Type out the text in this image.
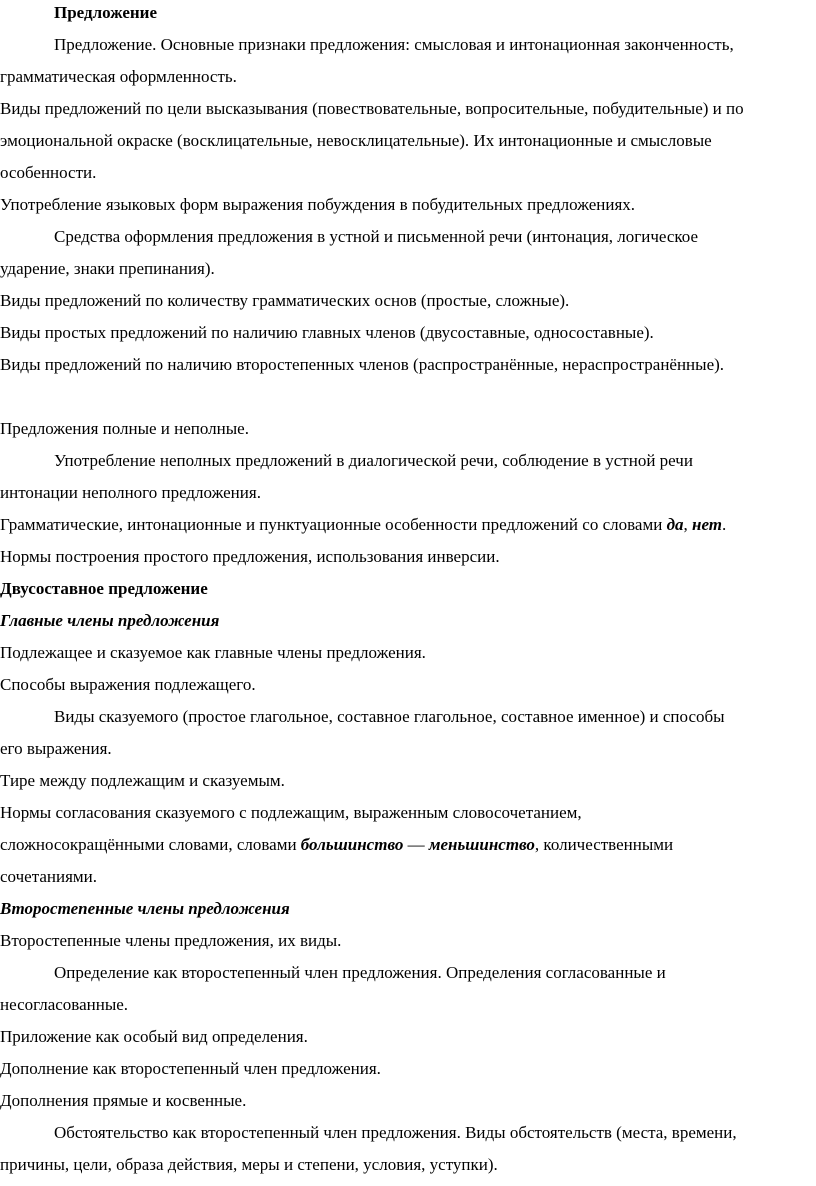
Предложение
Предложение. Основные признаки предложения: смысловая и интонационная законченность,
грамматическая оформленность.
Виды предложений по цели высказывания (повествовательные, вопросительные, побудительные) и по
эмоциональной окраске (восклицательные, невосклицательные). Их интонационные и смысловые
особенности.
Употребление языковых форм выражения побуждения в побудительных предложениях.
Средства оформления предложения в устной и письменной речи (интонация, логическое
ударение, знаки препинания).
Виды предложений по количеству грамматических основ (простые, сложные).
Виды простых предложений по наличию главных членов (двусоставные, односоставные).
Виды предложений по наличию второстепенных членов (распространённые, нераспространённые).
Предложения полные и неполные.
Употребление неполных предложений в диалогической речи, соблюдение в устной речи
интонации неполного предложения.
Грамматические, интонационные и пунктуационные особенности предложений со словами да, нет.
Нормы построения простого предложения, использования инверсии.
Двусоставное предложение
Главные члены предложения
Подлежащее и сказуемое как главные члены предложения.
Способы выражения подлежащего.
Виды сказуемого (простое глагольное, составное глагольное, составное именное) и способы
его выражения.
Тире между подлежащим и сказуемым.
Нормы согласования сказуемого с подлежащим, выраженным словосочетанием,
сложносокращёнными словами, словами большинство — меньшинство, количественными
сочетаниями.
Второстепенные члены предложения
Второстепенные члены предложения, их виды.
Определение как второстепенный член предложения. Определения согласованные и
несогласованные.
Приложение как особый вид определения.
Дополнение как второстепенный член предложения.
Дополнения прямые и косвенные.
Обстоятельство как второстепенный член предложения. Виды обстоятельств (места, времени,
причины, цели, образа действия, меры и степени, условия, уступки).
